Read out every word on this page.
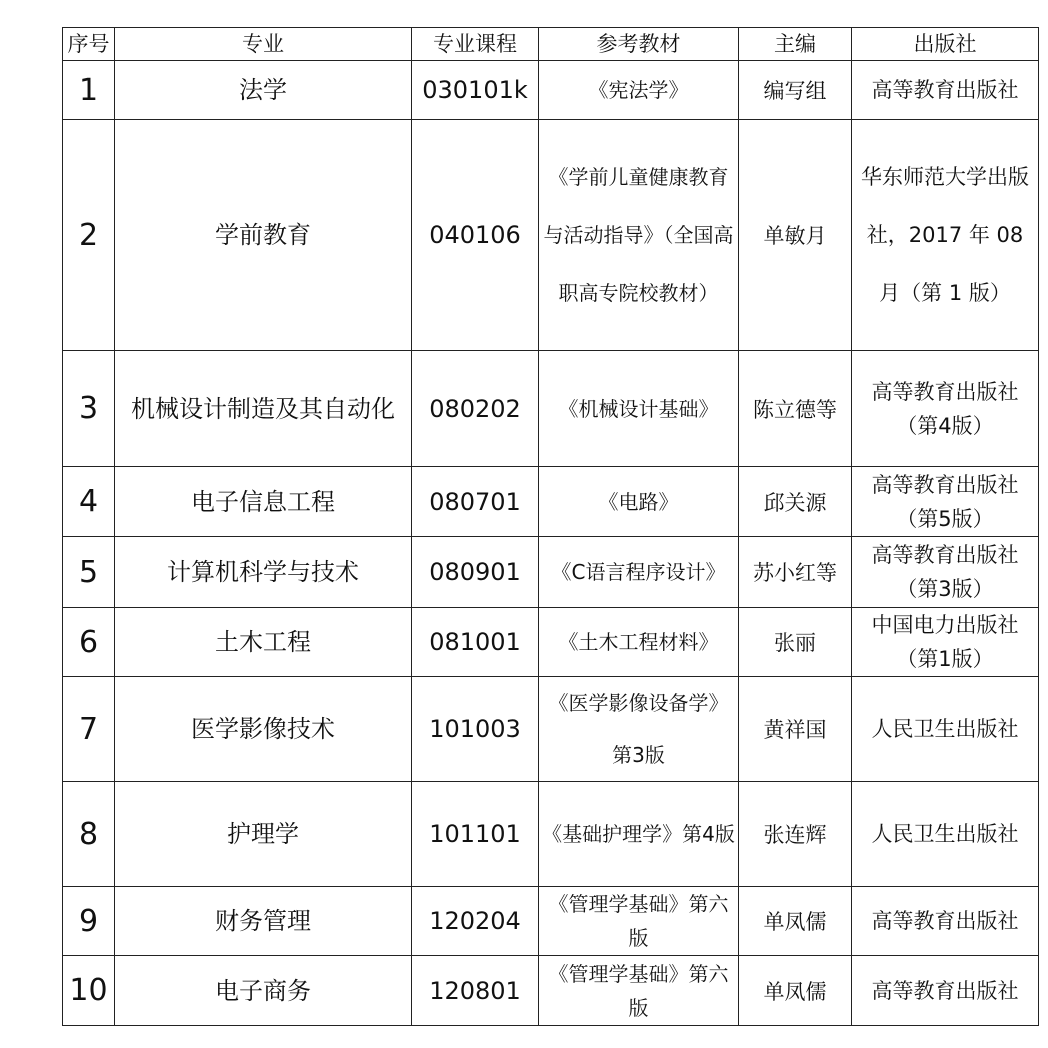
序号	专业	专业课程	参考教材	主编	出版社
1	法学	030101k	《宪法学》	编写组	高等教育出版社
2	学前教育	040106	《学前儿童健康教育与活动指导》（全国高职高专院校教材）	单敏月	华东师范大学出版社，2017 年 08 月（第 1 版）
3	机械设计制造及其自动化	080202	《机械设计基础》	陈立德等	高等教育出版社（第4版）
4	电子信息工程	080701	《电路》	邱关源	高等教育出版社（第5版）
5	计算机科学与技术	080901	《C语言程序设计》	苏小红等	高等教育出版社（第3版）
6	土木工程	081001	《土木工程材料》	张丽	中国电力出版社（第1版）
7	医学影像技术	101003	《医学影像设备学》第3版	黄祥国	人民卫生出版社
8	护理学	101101	《基础护理学》第4版	张连辉	人民卫生出版社
9	财务管理	120204	《管理学基础》第六版	单凤儒	高等教育出版社
10	电子商务	120801	《管理学基础》第六版	单凤儒	高等教育出版社
